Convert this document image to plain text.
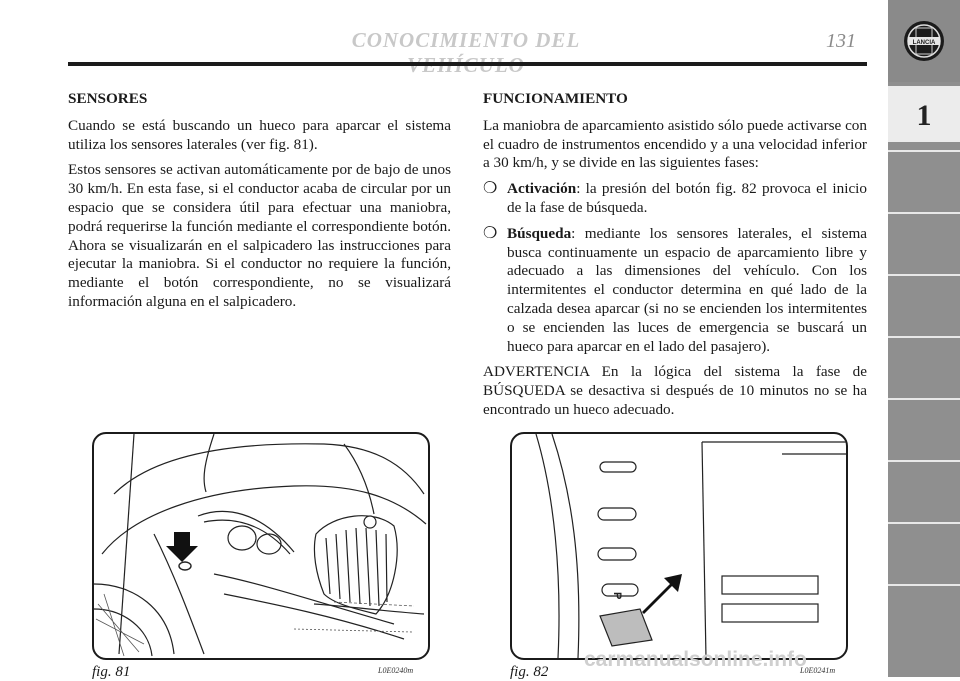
CONOCIMIENTO DEL	131	LANCIA
1

SENSORES

Cuando se está buscando un hueco para aparcar el sistema utiliza los sensores laterales (ver fig. 81).

Estos sensores se activan automáticamente por de bajo de unos 30 km/h. En esta fase, si el conductor acaba de circular por un espacio que se considera útil para efectuar una maniobra, podrá requerirse la función mediante el correspondiente botón. Ahora se visualizarán en el salpicadero las instrucciones para ejecutar la maniobra. Si el conductor no requiere la función, mediante el botón correspondiente, no se visualizará información alguna en el salpicadero.

FUNCIONAMIENTO

La maniobra de aparcamiento asistido sólo puede activarse con el cuadro de instrumentos encendido y a una velocidad inferior a 30 km/h, y se divide en las siguientes fases:

❍ Activación: la presión del botón fig. 82 provoca el inicio de la fase de búsqueda.

❍ Búsqueda: mediante los sensores laterales, el sistema busca continuamente un espacio de aparcamiento libre y adecuado a las dimensiones del vehículo. Con los intermitentes el conductor determina en qué lado de la calzada desea aparcar (si no se encienden los intermitentes o se encienden las luces de emergencia se buscará un hueco para aparcar en el lado del pasajero).

ADVERTENCIA En la lógica del sistema la fase de BÚSQUEDA se desactiva si después de 10 minutos no se ha encontrado un hueco adecuado.

fig. 81	L0E0240m
P
fig. 82	L0E0241m
carmanualsonline.info
